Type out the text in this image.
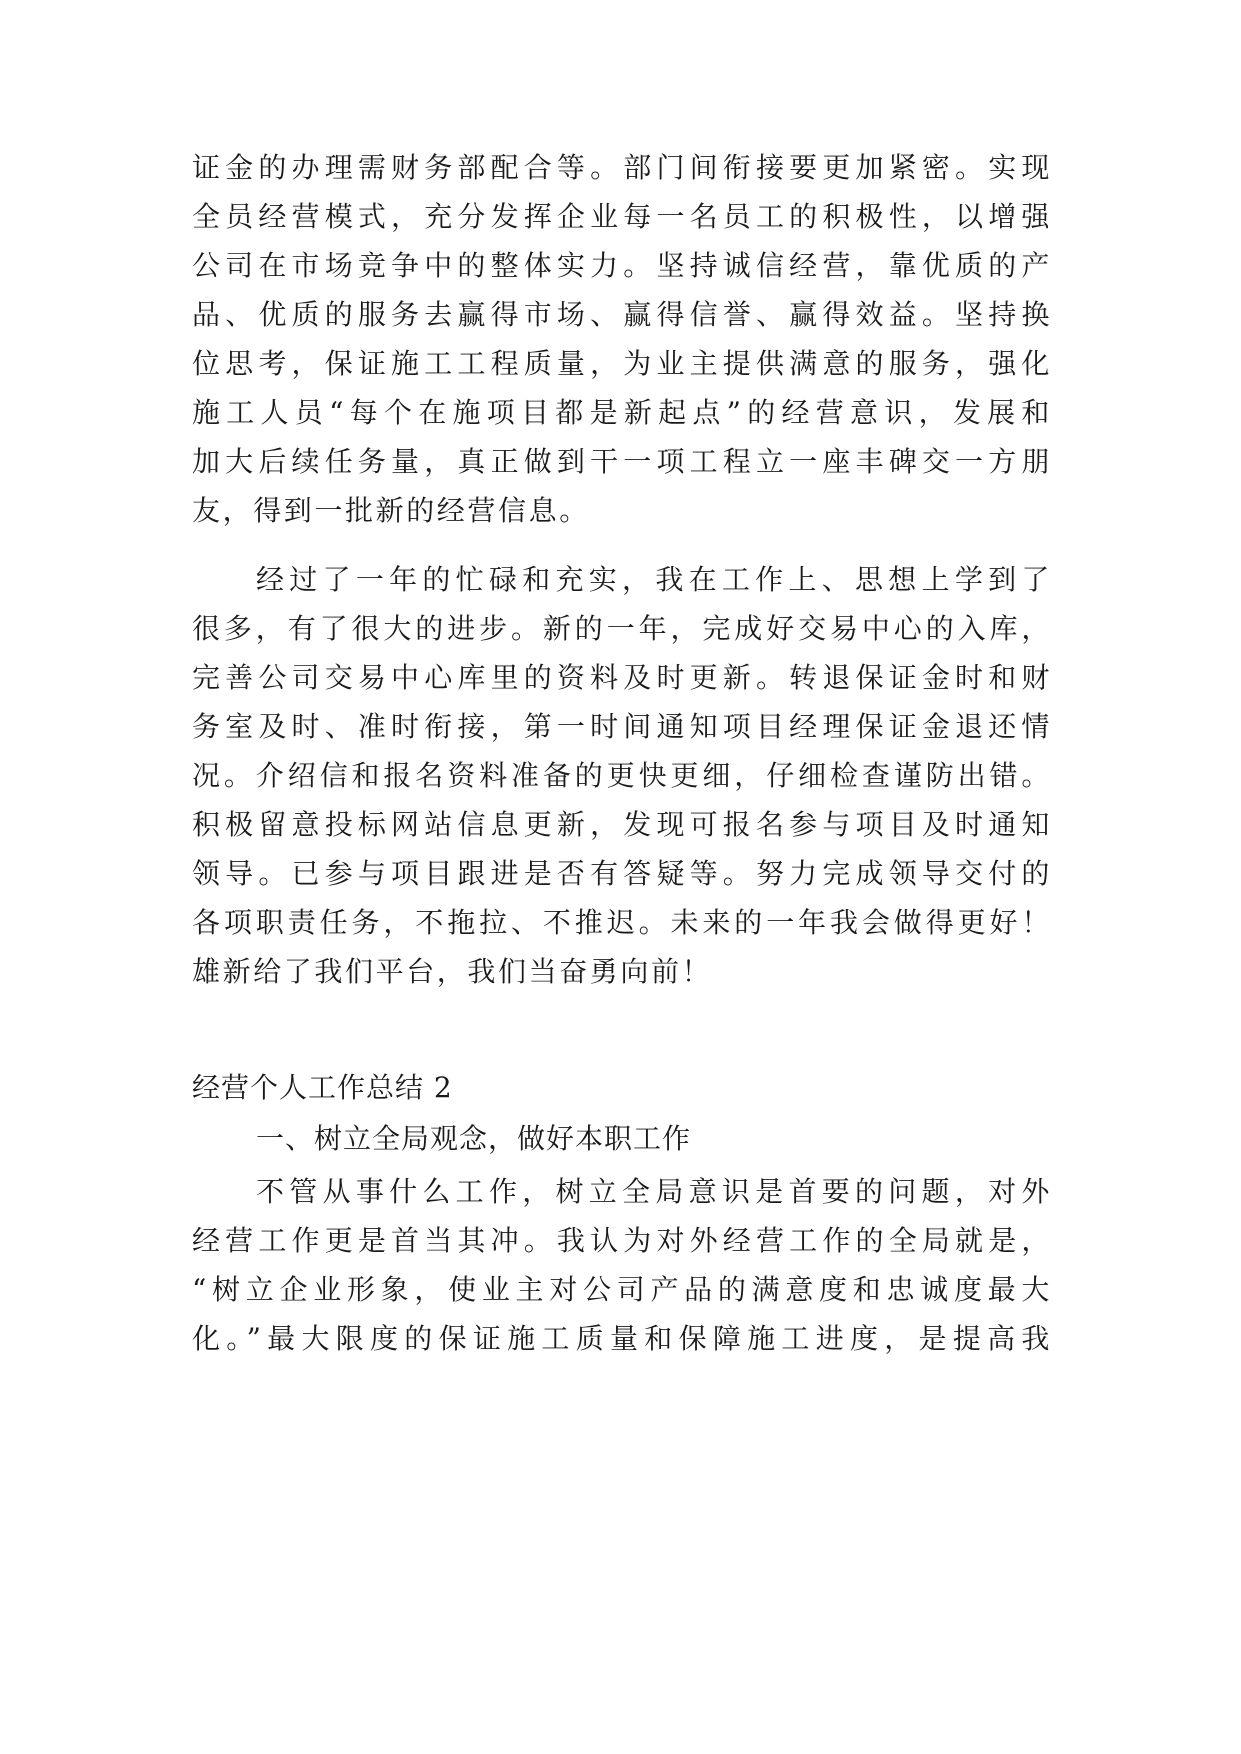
证金的办理需财务部配合等。部门间衔接要更加紧密。实现
全员经营模式，充分发挥企业每一名员工的积极性，以增强
公司在市场竞争中的整体实力。坚持诚信经营，靠优质的产
品、优质的服务去赢得市场、赢得信誉、赢得效益。坚持换
位思考，保证施工工程质量，为业主提供满意的服务，强化
施工人员“每个在施项目都是新起点”的经营意识，发展和
加大后续任务量，真正做到干一项工程立一座丰碑交一方朋
友，得到一批新的经营信息。
经过了一年的忙碌和充实，我在工作上、思想上学到了
很多，有了很大的进步。新的一年，完成好交易中心的入库，
完善公司交易中心库里的资料及时更新。转退保证金时和财
务室及时、准时衔接，第一时间通知项目经理保证金退还情
况。介绍信和报名资料准备的更快更细，仔细检查谨防出错。
积极留意投标网站信息更新，发现可报名参与项目及时通知
领导。已参与项目跟进是否有答疑等。努力完成领导交付的
各项职责任务，不拖拉、不推迟。未来的一年我会做得更好！
雄新给了我们平台，我们当奋勇向前！
经营个人工作总结 2
一、树立全局观念，做好本职工作
不管从事什么工作，树立全局意识是首要的问题，对外
经营工作更是首当其冲。我认为对外经营工作的全局就是，
“树立企业形象，使业主对公司产品的满意度和忠诚度最大
化。”最大限度的保证施工质量和保障施工进度，是提高我
